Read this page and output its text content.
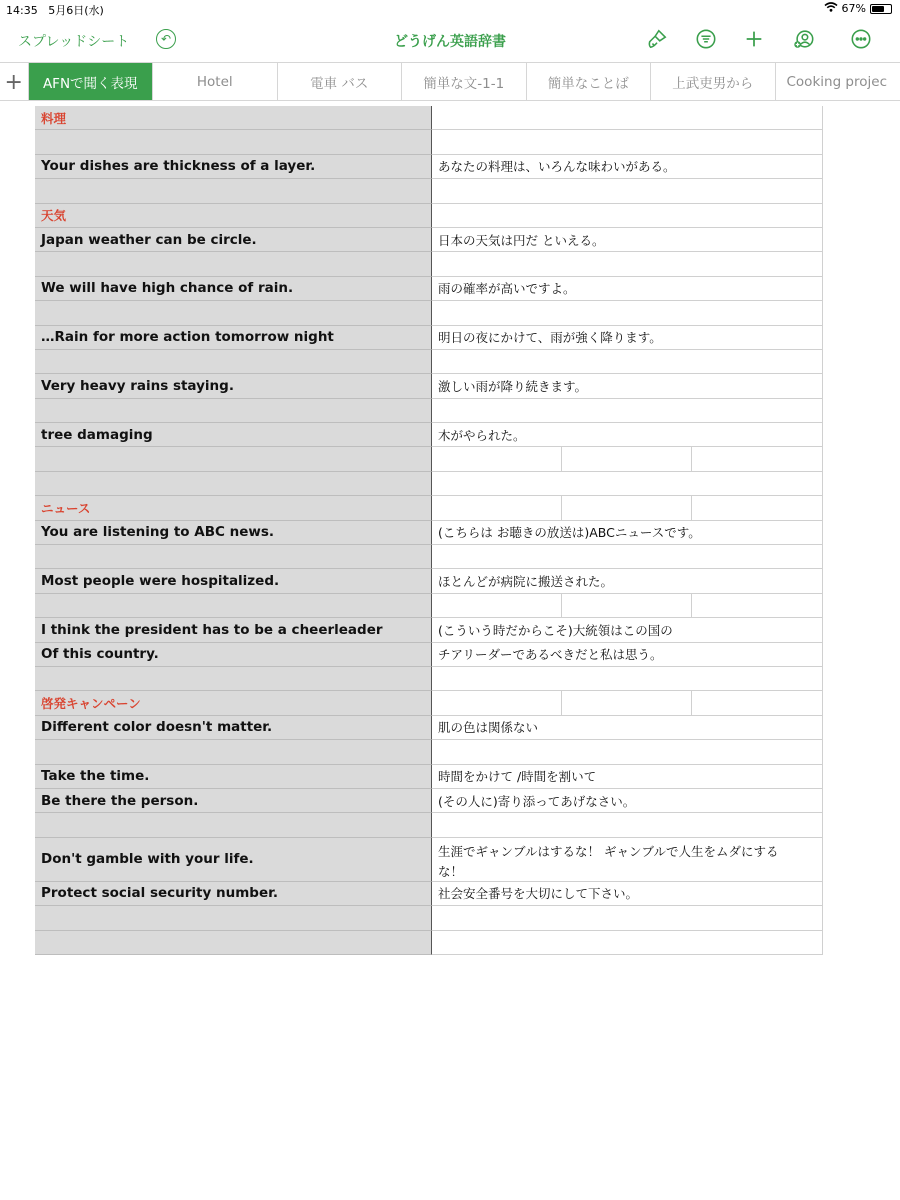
14:35 5月6日(水)	67%
スプレッドシート	↶	どうげん英語辞書
+	AFNで聞く表現	Hotel	電車 バス	簡単な文-1-1	簡単なことば	上武吏男から	Cooking projec
料理
Your dishes are thickness of a layer.	あなたの料理は、いろんな味わいがある。
天気
Japan weather can be circle.	日本の天気は円だ といえる。
We will have high chance of rain.	雨の確率が高いですよ。
…Rain for more action tomorrow night	明日の夜にかけて、雨が強く降ります。
Very heavy rains staying.	激しい雨が降り続きます。
tree damaging	木がやられた。
ニュース
You are listening to ABC news.	(こちらは お聴きの放送は)ABCニュースです。
Most people were hospitalized.	ほとんどが病院に搬送された。
I think the president has to be a cheerleader	(こういう時だからこそ)大統領はこの国の
Of this country.	チアリーダーであるべきだと私は思う。
啓発キャンペーン
Different color doesn't matter.	肌の色は関係ない
Take the time.	時間をかけて /時間を割いて
Be there the person.	(その人に)寄り添ってあげなさい。
Don't gamble with your life.	生涯でギャンブルはするな！ ギャンブルで人生をムダにするな！
Protect social security number.	社会安全番号を大切にして下さい。
